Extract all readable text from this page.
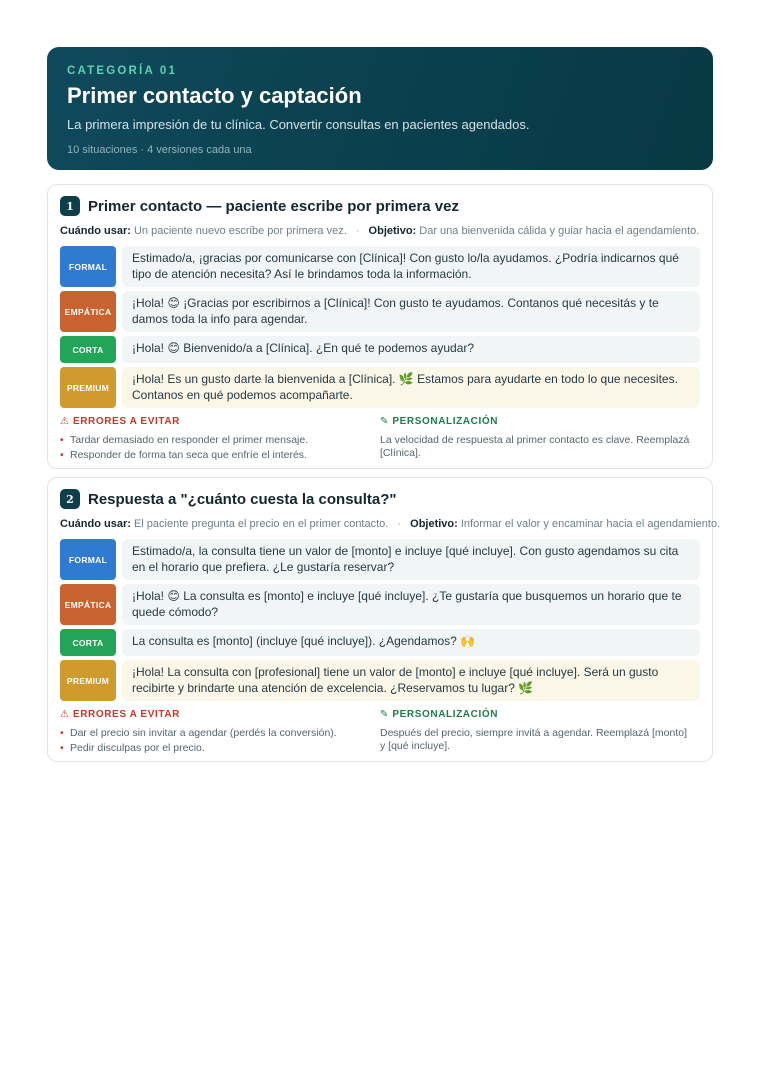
CATEGORÍA 01
Primer contacto y captación
La primera impresión de tu clínica. Convertir consultas en pacientes agendados.
10 situaciones · 4 versiones cada una
1 Primer contacto — paciente escribe por primera vez
Cuándo usar: Un paciente nuevo escribe por primera vez. · Objetivo: Dar una bienvenida cálida y guiar hacia el agendamiento.
FORMAL
Estimado/a, ¡gracias por comunicarse con [Clínica]! Con gusto lo/la ayudamos. ¿Podría indicarnos qué tipo de atención necesita? Así le brindamos toda la información.
EMPÁTICA
¡Hola! 😊 ¡Gracias por escribirnos a [Clínica]! Con gusto te ayudamos. Contanos qué necesitás y te damos toda la info para agendar.
CORTA	¡Hola! 😊 Bienvenido/a a [Clínica]. ¿En qué te podemos ayudar?
PREMIUM
¡Hola! Es un gusto darte la bienvenida a [Clínica]. 🌿 Estamos para ayudarte en todo lo que necesites. Contanos en qué podemos acompañarte.
⚠ ERRORES A EVITAR
• Tardar demasiado en responder el primer mensaje.
• Responder de forma tan seca que enfríe el interés.
✎ PERSONALIZACIÓN
La velocidad de respuesta al primer contacto es clave. Reemplazá [Clínica].
2 Respuesta a "¿cuánto cuesta la consulta?"
Cuándo usar: El paciente pregunta el precio en el primer contacto. · Objetivo: Informar el valor y encaminar hacia el agendamiento.
FORMAL
Estimado/a, la consulta tiene un valor de [monto] e incluye [qué incluye]. Con gusto agendamos su cita en el horario que prefiera. ¿Le gustaría reservar?
EMPÁTICA
¡Hola! 😊 La consulta es [monto] e incluye [qué incluye]. ¿Te gustaría que busquemos un horario que te quede cómodo?
CORTA	La consulta es [monto] (incluye [qué incluye]). ¿Agendamos? 🙌
PREMIUM
¡Hola! La consulta con [profesional] tiene un valor de [monto] e incluye [qué incluye]. Será un gusto recibirte y brindarte una atención de excelencia. ¿Reservamos tu lugar? 🌿
⚠ ERRORES A EVITAR
• Dar el precio sin invitar a agendar (perdés la conversión).
• Pedir disculpas por el precio.
✎ PERSONALIZACIÓN
Después del precio, siempre invitá a agendar. Reemplazá [monto] y [qué incluye].
